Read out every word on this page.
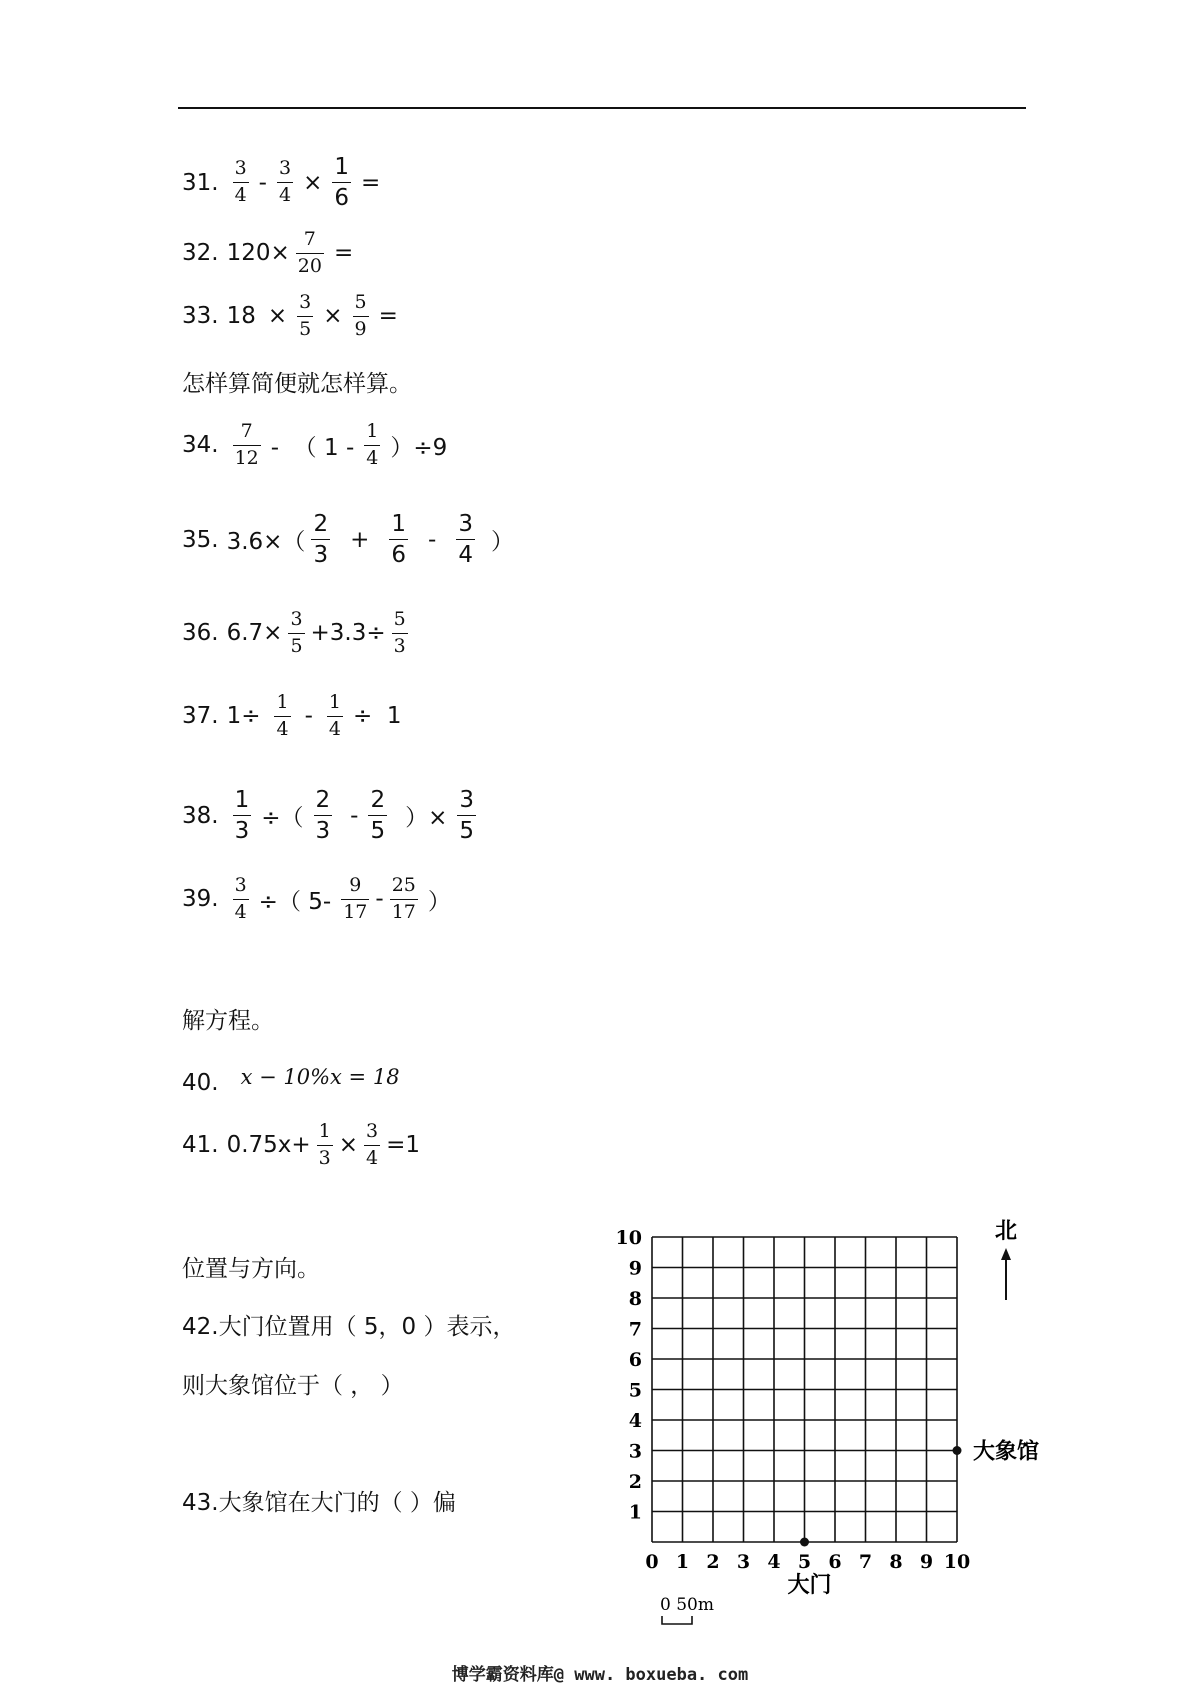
31. $\frac{3}{4} - \frac{3}{4} \times \frac{1}{6}$ =
32. $120\times \frac{7}{20}$ =
33. $18 \times \frac{3}{5} \times \frac{5}{9}$ =
怎样算简便就怎样算。
34. $\frac{7}{12}$ -  （ $1 - \frac{1}{4} )\div 9$
35. $3.6\times( \frac{2}{3} + \frac{1}{6} - \frac{3}{4}$ ）
36. $6.7\times \frac{3}{5} +3.3\div \frac{5}{3}$
37. $1\div \frac{1}{4} - \frac{1}{4} \div 1$
38. $\frac{1}{3}$ ÷（ $\frac{2}{3} - \frac{2}{5}$ ）× $\frac{3}{5}$
39. $\frac{3}{4}$ ÷（ $5- \frac{9}{17} - \frac{25}{17}$ ）
解方程。
40. x − 10%x = 18
41. $0.75x+ \frac{1}{3} \times \frac{3}{4} =1$
位置与方向。
42.大门位置用（ 5，0 ）表示，
则大象馆位于（ ， ）
43.大象馆在大门的（ ）偏
0 1 2 3 4 5 6 7 8 9 10
1
2
3
4
5
6
7
8
9
10
大门
大象馆
北
0 50m
博学霸资料库@ www. boxueba. com
